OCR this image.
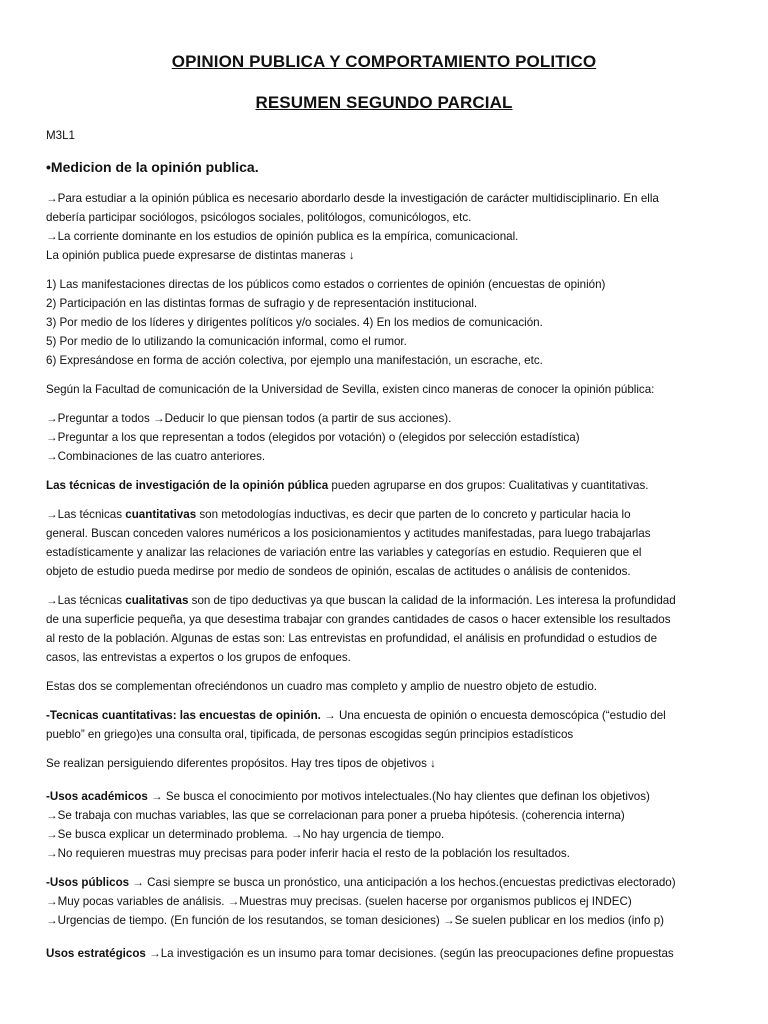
OPINION PUBLICA Y COMPORTAMIENTO POLITICO
RESUMEN SEGUNDO PARCIAL

M3L1

•Medicion de la opinión publica.

→Para estudiar a la opinión pública es necesario abordarlo desde la investigación de carácter multidisciplinario. En ella

debería participar sociólogos, psicólogos sociales, politólogos, comunicólogos, etc.

→La corriente dominante en los estudios de opinión publica es la empírica, comunicacional.

La opinión publica puede expresarse de distintas maneras ↓

1) Las manifestaciones directas de los públicos como estados o corrientes de opinión (encuestas de opinión)

2) Participación en las distintas formas de sufragio y de representación institucional.

3) Por medio de los líderes y dirigentes políticos y/o sociales. 4) En los medios de comunicación.

5) Por medio de lo utilizando la comunicación informal, como el rumor.

6) Expresándose en forma de acción colectiva, por ejemplo una manifestación, un escrache, etc.

Según la Facultad de comunicación de la Universidad de Sevilla, existen cinco maneras de conocer la opinión pública:

→Preguntar a todos →Deducir lo que piensan todos (a partir de sus acciones).

→Preguntar a los que representan a todos (elegidos por votación) o (elegidos por selección estadística)

→Combinaciones de las cuatro anteriores.

Las técnicas de investigación de la opinión pública pueden agruparse en dos grupos: Cualitativas y cuantitativas.

→Las técnicas cuantitativas son metodologías inductivas, es decir que parten de lo concreto y particular hacia lo

general. Buscan conceden valores numéricos a los posicionamientos y actitudes manifestadas, para luego trabajarlas

estadísticamente y analizar las relaciones de variación entre las variables y categorías en estudio. Requieren que el

objeto de estudio pueda medirse por medio de sondeos de opinión, escalas de actitudes o análisis de contenidos.

→Las técnicas cualitativas son de tipo deductivas ya que buscan la calidad de la información. Les interesa la profundidad

de una superficie pequeña, ya que desestima trabajar con grandes cantidades de casos o hacer extensible los resultados

al resto de la población. Algunas de estas son: Las entrevistas en profundidad, el análisis en profundidad o estudios de

casos, las entrevistas a expertos o los grupos de enfoques.

Estas dos se complementan ofreciéndonos un cuadro mas completo y amplio de nuestro objeto de estudio.

-Tecnicas cuantitativas: las encuestas de opinión. → Una encuesta de opinión o encuesta demoscópica (“estudio del

pueblo” en griego)es una consulta oral, tipificada, de personas escogidas según principios estadísticos

Se realizan persiguiendo diferentes propósitos. Hay tres tipos de objetivos ↓

-Usos académicos → Se busca el conocimiento por motivos intelectuales.(No hay clientes que definan los objetivos)

→Se trabaja con muchas variables, las que se correlacionan para poner a prueba hipótesis. (coherencia interna)

→Se busca explicar un determinado problema. →No hay urgencia de tiempo.

→No requieren muestras muy precisas para poder inferir hacia el resto de la población los resultados.

-Usos públicos → Casi siempre se busca un pronóstico, una anticipación a los hechos.(encuestas predictivas electorado)

→Muy pocas variables de análisis. →Muestras muy precisas. (suelen hacerse por organismos publicos ej INDEC)

→Urgencias de tiempo. (En función de los resutandos, se toman desiciones) →Se suelen publicar en los medios (info p)

Usos estratégicos →La investigación es un insumo para tomar decisiones. (según las preocupaciones define propuestas
